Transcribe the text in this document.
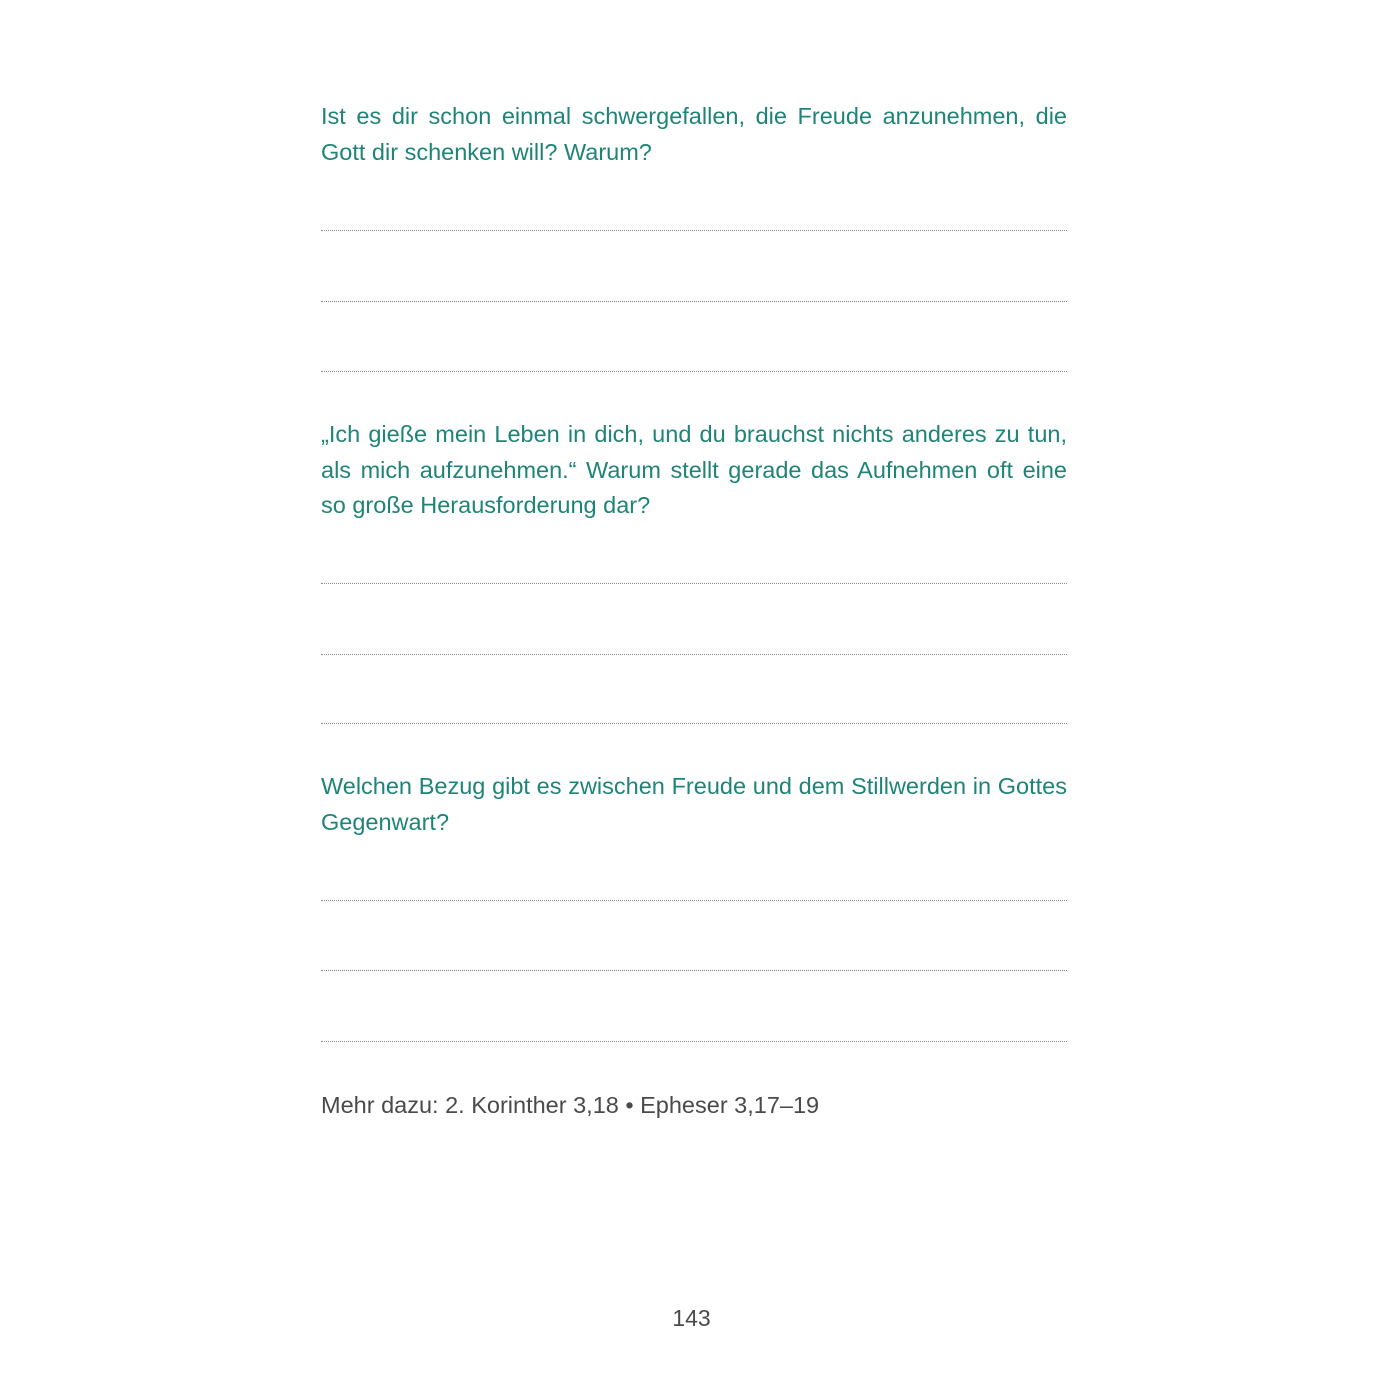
Ist es dir schon einmal schwergefallen, die Freude anzunehmen, die Gott dir schenken will? Warum?

„Ich gieße mein Leben in dich, und du brauchst nichts anderes zu tun, als mich aufzunehmen.“ Warum stellt gerade das Aufnehmen oft eine so große Herausforderung dar?

Welchen Bezug gibt es zwischen Freude und dem Stillwerden in Gottes Gegenwart?

Mehr dazu: 2. Korinther 3,18 • Epheser 3,17–19

143
